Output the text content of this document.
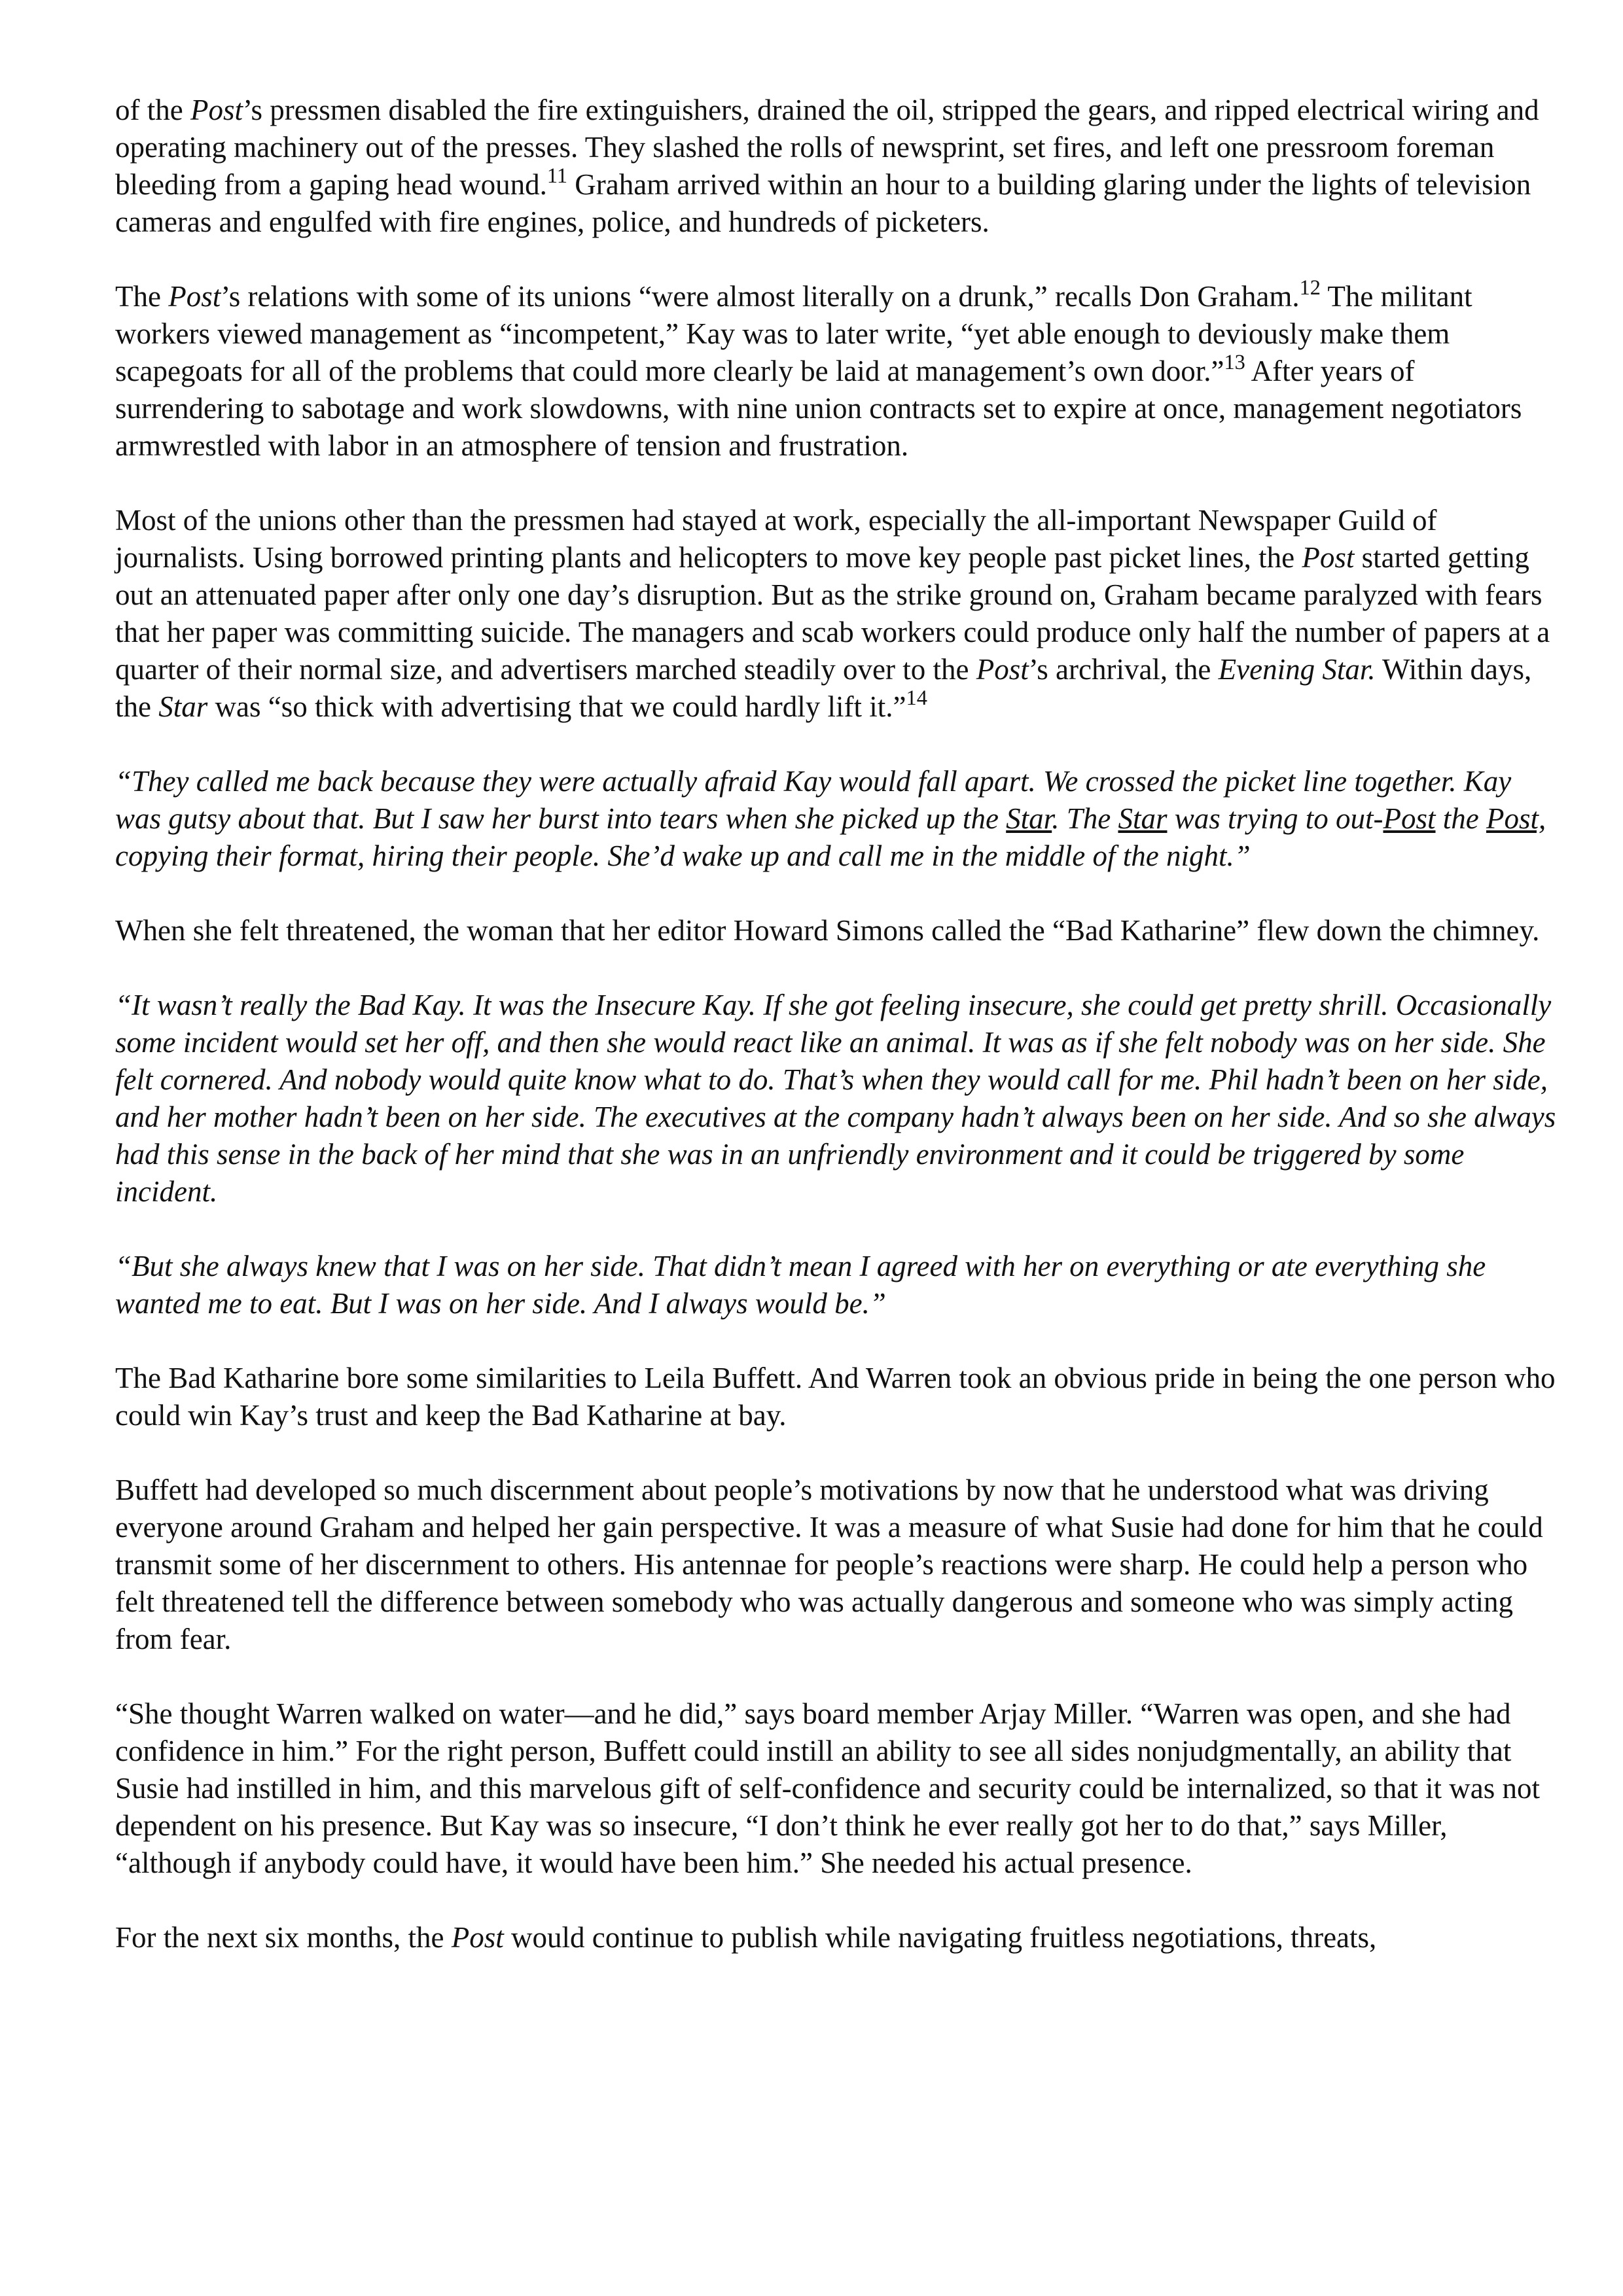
of the Post’s pressmen disabled the fire extinguishers, drained the oil, stripped the gears, and ripped electrical wiring and operating machinery out of the presses. They slashed the rolls of newsprint, set fires, and left one pressroom foreman bleeding from a gaping head wound.$^{11}$ Graham arrived within an hour to a building glaring under the lights of television cameras and engulfed with fire engines, police, and hundreds of picketers.

The Post’s relations with some of its unions “were almost literally on a drunk,” recalls Don Graham.$^{12}$ The militant workers viewed management as “incompetent,” Kay was to later write, “yet able enough to deviously make them scapegoats for all of the problems that could more clearly be laid at management’s own door.”$^{13}$ After years of surrendering to sabotage and work slowdowns, with nine union contracts set to expire at once, management negotiators armwrestled with labor in an atmosphere of tension and frustration.

Most of the unions other than the pressmen had stayed at work, especially the all-important Newspaper Guild of journalists. Using borrowed printing plants and helicopters to move key people past picket lines, the Post started getting out an attenuated paper after only one day’s disruption. But as the strike ground on, Graham became paralyzed with fears that her paper was committing suicide. The managers and scab workers could produce only half the number of papers at a quarter of their normal size, and advertisers marched steadily over to the Post’s archrival, the Evening Star. Within days, the Star was “so thick with advertising that we could hardly lift it.”$^{14}$

“They called me back because they were actually afraid Kay would fall apart. We crossed the picket line together. Kay was gutsy about that. But I saw her burst into tears when she picked up the Star. The Star was trying to out-Post the Post, copying their format, hiring their people. She’d wake up and call me in the middle of the night.”

When she felt threatened, the woman that her editor Howard Simons called the “Bad Katharine” flew down the chimney.

“It wasn’t really the Bad Kay. It was the Insecure Kay. If she got feeling insecure, she could get pretty shrill. Occasionally some incident would set her off, and then she would react like an animal. It was as if she felt nobody was on her side. She felt cornered. And nobody would quite know what to do. That’s when they would call for me. Phil hadn’t been on her side, and her mother hadn’t been on her side. The executives at the company hadn’t always been on her side. And so she always had this sense in the back of her mind that she was in an unfriendly environment and it could be triggered by some incident.

“But she always knew that I was on her side. That didn’t mean I agreed with her on everything or ate everything she wanted me to eat. But I was on her side. And I always would be.”

The Bad Katharine bore some similarities to Leila Buffett. And Warren took an obvious pride in being the one person who could win Kay’s trust and keep the Bad Katharine at bay.

Buffett had developed so much discernment about people’s motivations by now that he understood what was driving everyone around Graham and helped her gain perspective. It was a measure of what Susie had done for him that he could transmit some of her discernment to others. His antennae for people’s reactions were sharp. He could help a person who felt threatened tell the difference between somebody who was actually dangerous and someone who was simply acting from fear.

“She thought Warren walked on water—and he did,” says board member Arjay Miller. “Warren was open, and she had confidence in him.” For the right person, Buffett could instill an ability to see all sides nonjudgmentally, an ability that Susie had instilled in him, and this marvelous gift of self-confidence and security could be internalized, so that it was not dependent on his presence. But Kay was so insecure, “I don’t think he ever really got her to do that,” says Miller, “although if anybody could have, it would have been him.” She needed his actual presence.

For the next six months, the Post would continue to publish while navigating fruitless negotiations, threats,
